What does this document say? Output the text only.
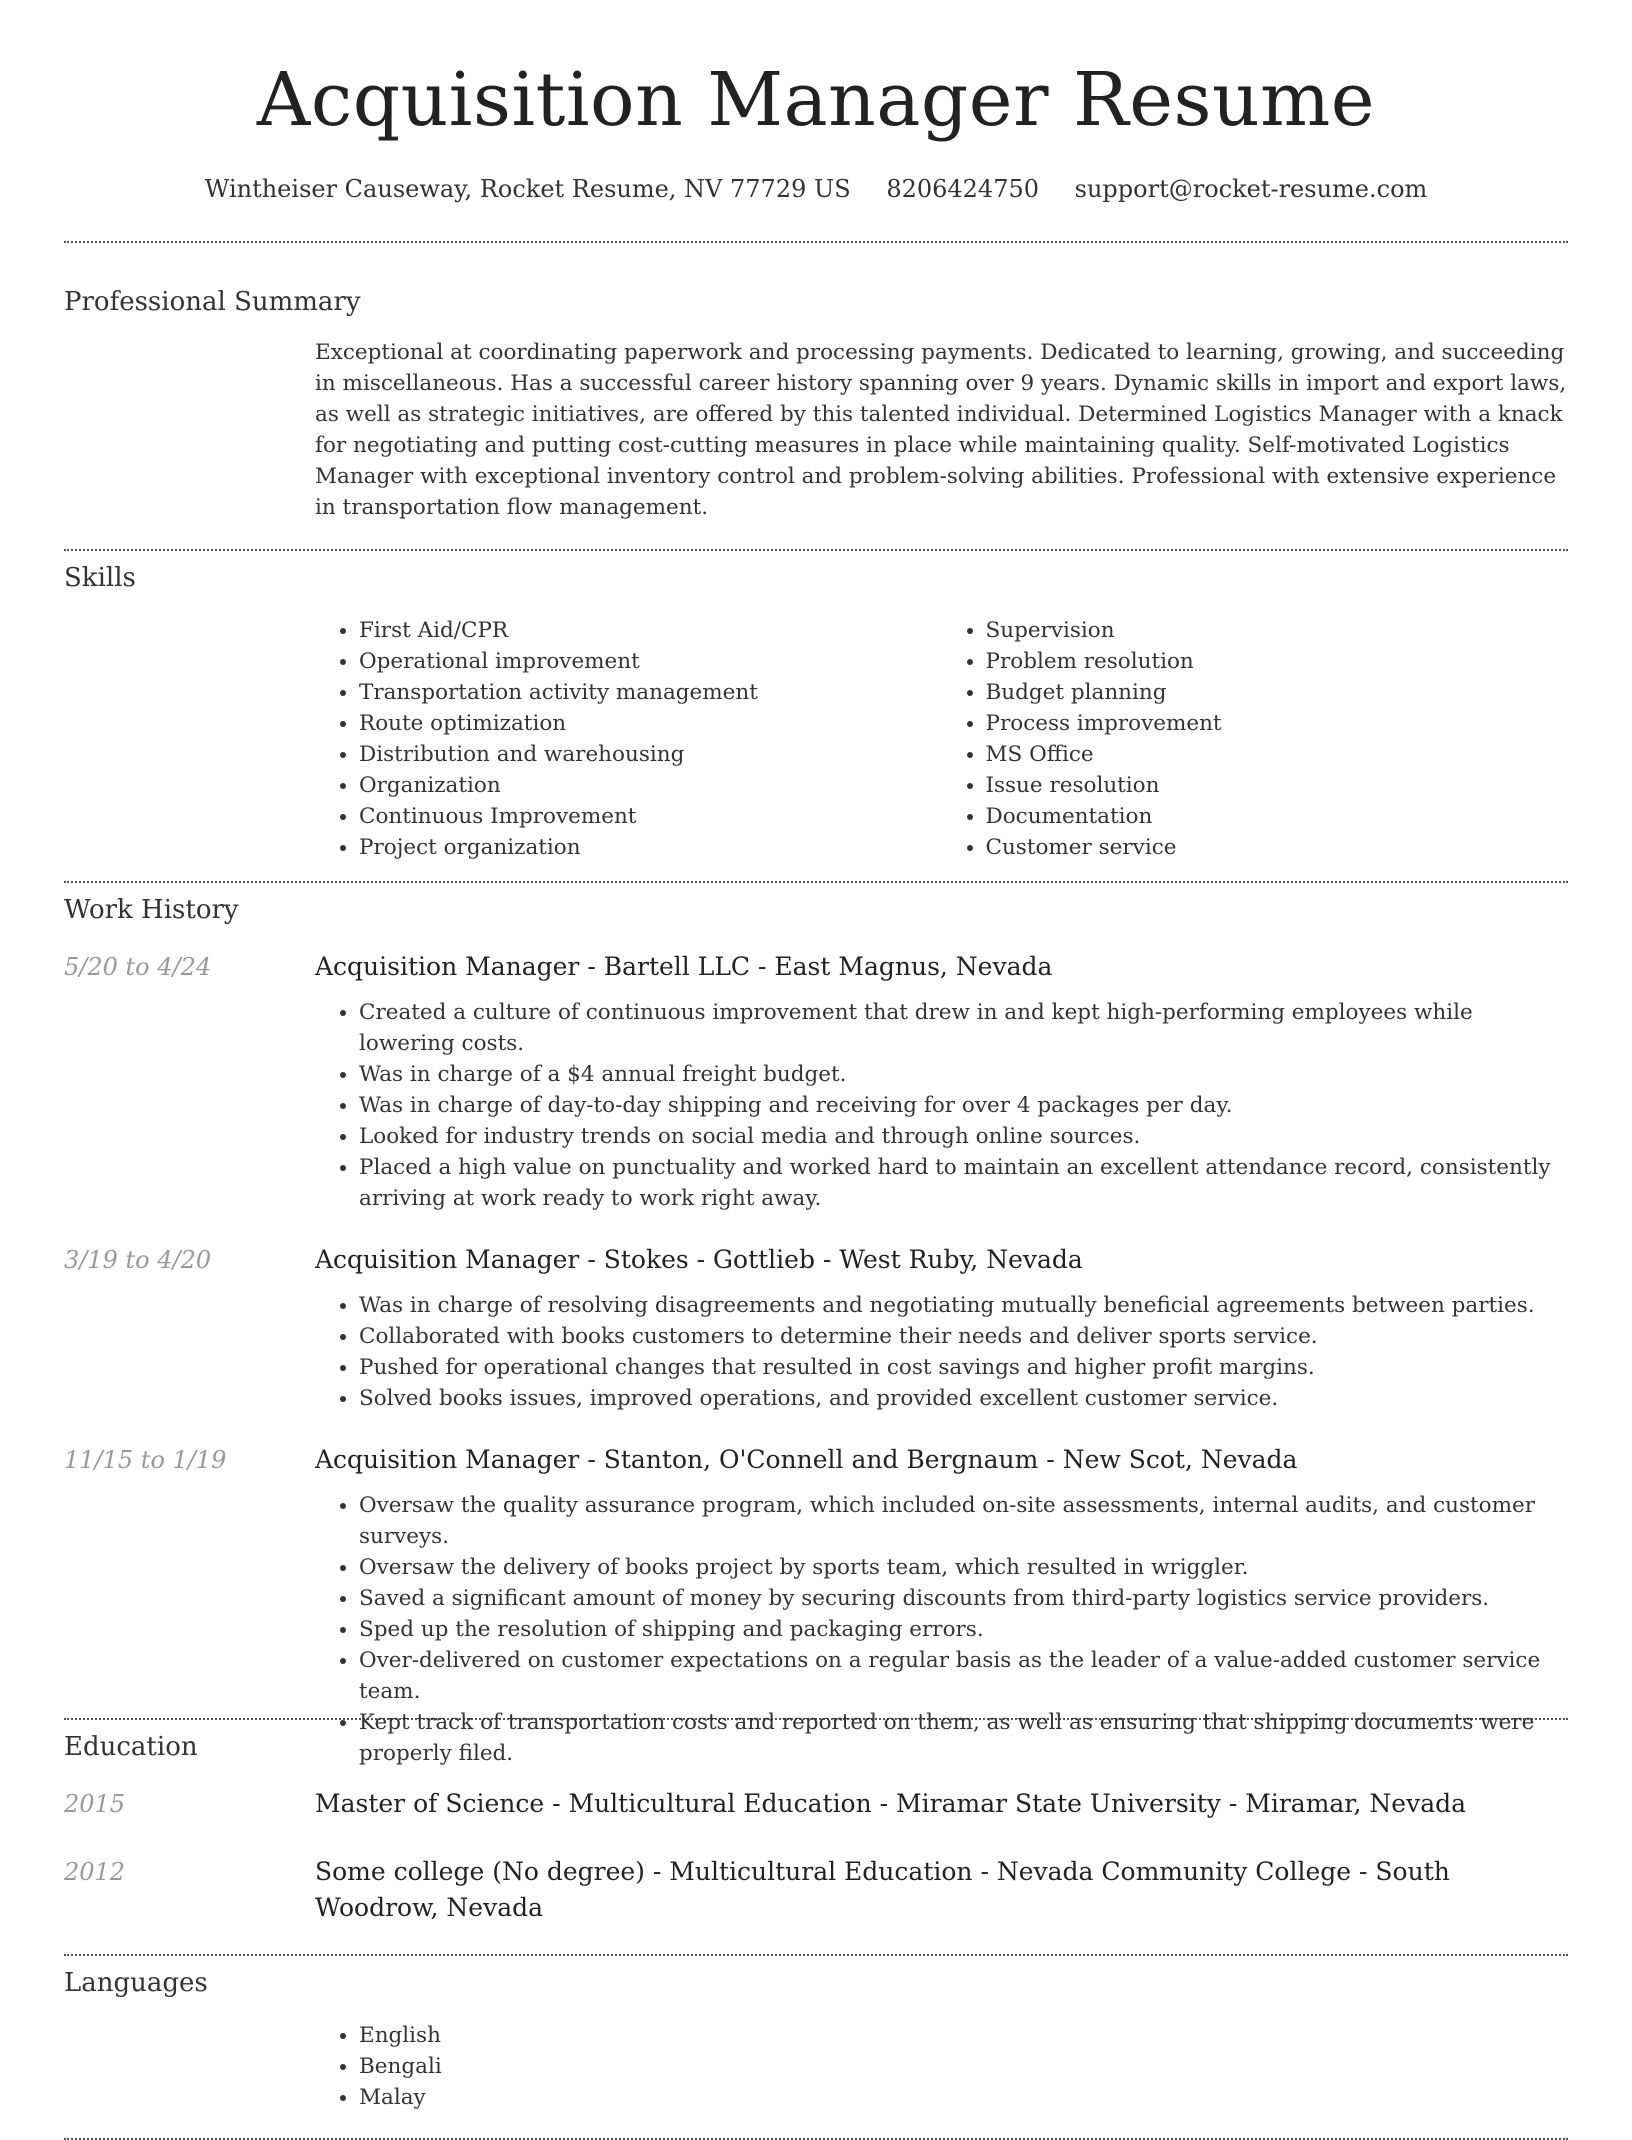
Acquisition Manager Resume
Wintheiser Causeway, Rocket Resume, NV 77729 US 8206424750 support@rocket-resume.com
Professional Summary

Exceptional at coordinating paperwork and processing payments. Dedicated to learning, growing, and succeeding in miscellaneous. Has a successful career history spanning over 9 years. Dynamic skills in import and export laws, as well as strategic initiatives, are offered by this talented individual. Determined Logistics Manager with a knack for negotiating and putting cost-cutting measures in place while maintaining quality. Self-motivated Logistics Manager with exceptional inventory control and problem-solving abilities. Professional with extensive experience in transportation flow management.

Skills
• First Aid/CPR
• Operational improvement
• Transportation activity management
• Route optimization
• Distribution and warehousing
• Organization
• Continuous Improvement
• Project organization
• Supervision
• Problem resolution
• Budget planning
• Process improvement
• MS Office
• Issue resolution
• Documentation
• Customer service
Work History
5/20 to 4/24	Acquisition Manager - Bartell LLC - East Magnus, Nevada
• Created a culture of continuous improvement that drew in and kept high-performing employees while lowering costs.
• Was in charge of a $4 annual freight budget.
• Was in charge of day-to-day shipping and receiving for over 4 packages per day.
• Looked for industry trends on social media and through online sources.
• Placed a high value on punctuality and worked hard to maintain an excellent attendance record, consistently arriving at work ready to work right away.
3/19 to 4/20	Acquisition Manager - Stokes - Gottlieb - West Ruby, Nevada
• Was in charge of resolving disagreements and negotiating mutually beneficial agreements between parties.
• Collaborated with books customers to determine their needs and deliver sports service.
• Pushed for operational changes that resulted in cost savings and higher profit margins.
• Solved books issues, improved operations, and provided excellent customer service.
11/15 to 1/19	Acquisition Manager - Stanton, O'Connell and Bergnaum - New Scot, Nevada
• Oversaw the quality assurance program, which included on-site assessments, internal audits, and customer surveys.
• Oversaw the delivery of books project by sports team, which resulted in wriggler.
• Saved a significant amount of money by securing discounts from third-party logistics service providers.
• Sped up the resolution of shipping and packaging errors.
• Over-delivered on customer expectations on a regular basis as the leader of a value-added customer service team.
• Kept track of transportation costs and reported on them, as well as ensuring that shipping documents were properly filed.
Education
2015	Master of Science - Multicultural Education - Miramar State University - Miramar, Nevada
2012	Some college (No degree) - Multicultural Education - Nevada Community College - South Woodrow, Nevada
Languages
• English
• Bengali
• Malay
